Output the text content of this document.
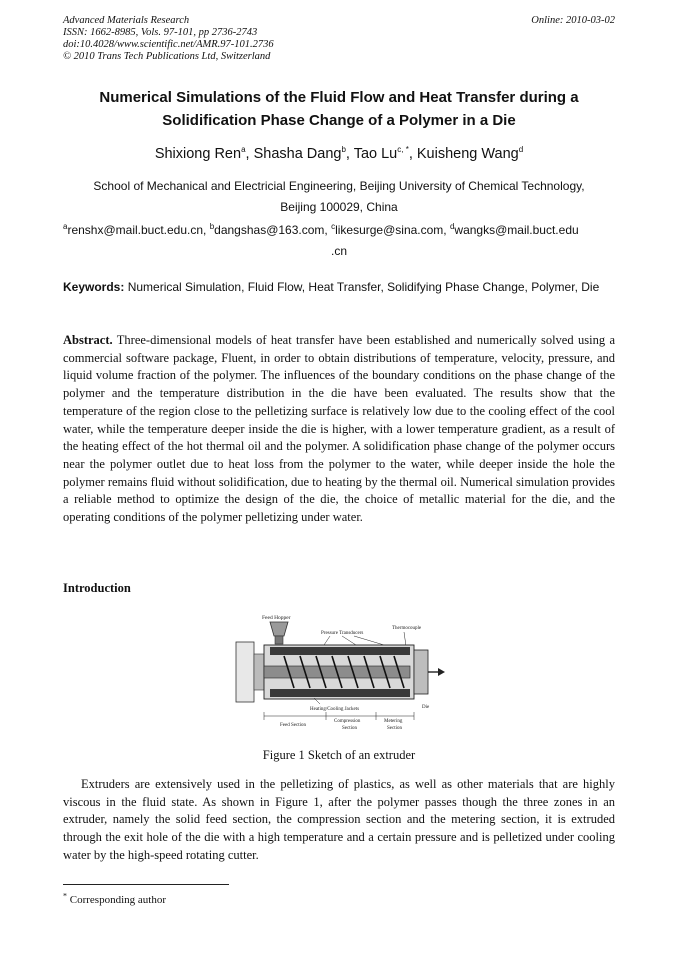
Advanced Materials Research
ISSN: 1662-8985, Vols. 97-101, pp 2736-2743
doi:10.4028/www.scientific.net/AMR.97-101.2736
© 2010 Trans Tech Publications Ltd, Switzerland
Online: 2010-03-02
Numerical Simulations of the Fluid Flow and Heat Transfer during a
Solidification Phase Change of a Polymer in a Die
Shixiong Ren$^a$, Shasha Dang$^b$, Tao $Lu^{c, *}$, Kuisheng Wang$^d$
School of Mechanical and Electricial Engineering, Beijing University of Chemical Technology,
Beijing 100029, China
$^a$renshx@mail.buct.edu.cn, $^b$dangshas@163.com, $^c$likesurge@sina.com, $^d$wangks@mail.buct.edu
.cn
Keywords: Numerical Simulation, Fluid Flow, Heat Transfer, Solidifying Phase Change, Polymer, Die
Abstract. Three-dimensional models of heat transfer have been established and numerically solved using a commercial software package, Fluent, in order to obtain distributions of temperature, velocity, pressure, and liquid volume fraction of the polymer. The influences of the boundary conditions on the phase change of the polymer and the temperature distribution in the die have been evaluated. The results show that the temperature of the region close to the pelletizing surface is relatively low due to the cooling effect of the cool water, while the temperature deeper inside the die is higher, with a lower temperature gradient, as a result of the heating effect of the hot thermal oil and the polymer. A solidification phase change of the polymer occurs near the polymer outlet due to heat loss from the polymer to the water, while deeper inside the hole the polymer remains fluid without solidification, due to heating by the thermal oil. Numerical simulation provides a reliable method to optimize the design of the die, the choice of metallic material for the die, and the operating conditions of the polymer pelletizing under water.
Introduction
Feed Hopper
Pressure Transducers
Thermocouple
Die
Heating/Cooling Jackets
Feed Section
Compression
Section
Metering
Section
Figure 1 Sketch of an extruder
Extruders are extensively used in the pelletizing of plastics, as well as other materials that are highly viscous in the fluid state. As shown in Figure 1, after the polymer passes though the three zones in an extruder, namely the solid feed section, the compression section and the metering section, it is extruded through the exit hole of the die with a high temperature and a certain pressure and is pelletized under cooling water by the high-speed rotating cutter.
* Corresponding author
